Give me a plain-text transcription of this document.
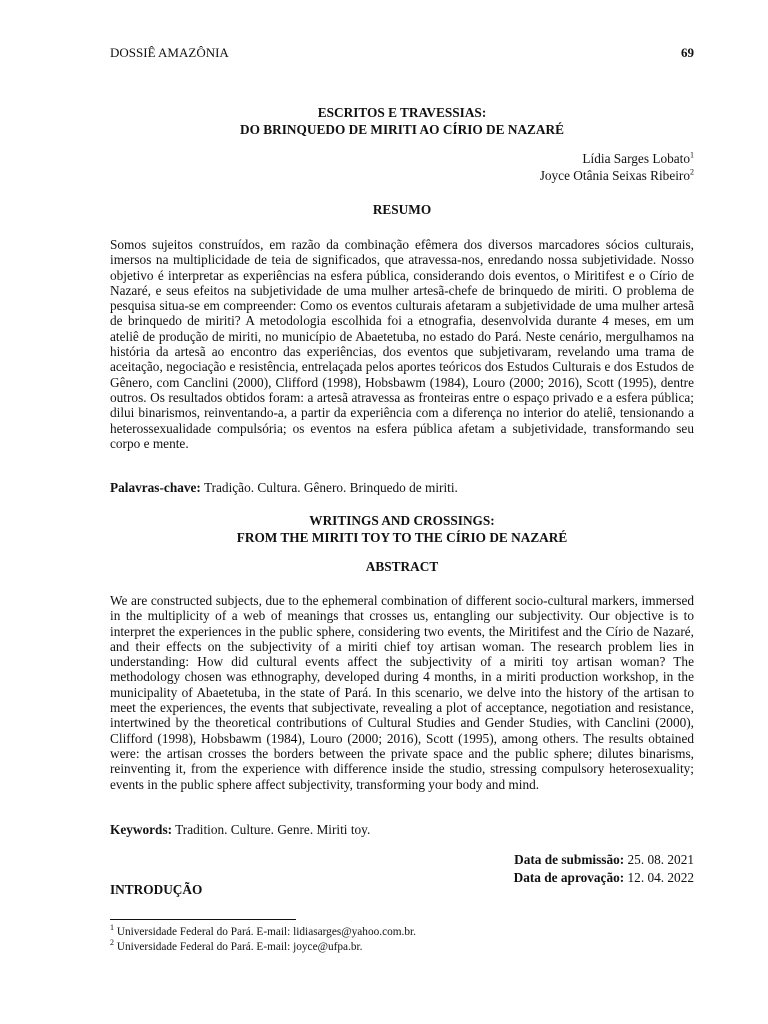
DOSSIÊ AMAZÔNIA	69
ESCRITOS E TRAVESSIAS:
DO BRINQUEDO DE MIRITI AO CÍRIO DE NAZARÉ
Lídia Sarges Lobato$^1$
Joyce Otânia Seixas Ribeiro$^2$
RESUMO

Somos sujeitos construídos, em razão da combinação efêmera dos diversos marcadores sócios culturais, imersos na multiplicidade de teia de significados, que atravessa-nos, enredando nossa subjetividade. Nosso objetivo é interpretar as experiências na esfera pública, considerando dois eventos, o Miritifest e o Círio de Nazaré, e seus efeitos na subjetividade de uma mulher artesã-chefe de brinquedo de miriti. O problema de pesquisa situa-se em compreender: Como os eventos culturais afetaram a subjetividade de uma mulher artesã de brinquedo de miriti? A metodologia escolhida foi a etnografia, desenvolvida durante 4 meses, em um ateliê de produção de miriti, no município de Abaetetuba, no estado do Pará. Neste cenário, mergulhamos na história da artesã ao encontro das experiências, dos eventos que subjetivaram, revelando uma trama de aceitação, negociação e resistência, entrelaçada pelos aportes teóricos dos Estudos Culturais e dos Estudos de Gênero, com Canclini (2000), Clifford (1998), Hobsbawm (1984), Louro (2000; 2016), Scott (1995), dentre outros. Os resultados obtidos foram: a artesã atravessa as fronteiras entre o espaço privado e a esfera pública; dilui binarismos, reinventando-a, a partir da experiência com a diferença no interior do ateliê, tensionando a heterossexualidade compulsória; os eventos na esfera pública afetam a subjetividade, transformando seu corpo e mente.

Palavras-chave: Tradição. Cultura. Gênero. Brinquedo de miriti.
WRITINGS AND CROSSINGS:
FROM THE MIRITI TOY TO THE CÍRIO DE NAZARÉ
ABSTRACT

We are constructed subjects, due to the ephemeral combination of different socio-cultural markers, immersed in the multiplicity of a web of meanings that crosses us, entangling our subjectivity. Our objective is to interpret the experiences in the public sphere, considering two events, the Miritifest and the Círio de Nazaré, and their effects on the subjectivity of a miriti chief toy artisan woman. The research problem lies in understanding: How did cultural events affect the subjectivity of a miriti toy artisan woman? The methodology chosen was ethnography, developed during 4 months, in a miriti production workshop, in the municipality of Abaetetuba, in the state of Pará. In this scenario, we delve into the history of the artisan to meet the experiences, the events that subjectivate, revealing a plot of acceptance, negotiation and resistance, intertwined by the theoretical contributions of Cultural Studies and Gender Studies, with Canclini (2000), Clifford (1998), Hobsbawm (1984), Louro (2000; 2016), Scott (1995), among others. The results obtained were: the artisan crosses the borders between the private space and the public sphere; dilutes binarisms, reinventing it, from the experience with difference inside the studio, stressing compulsory heterosexuality; events in the public sphere affect subjectivity, transforming your body and mind.

Keywords: Tradition. Culture. Genre. Miriti toy.
Data de submissão: 25. 08. 2021
Data de aprovação: 12. 04. 2022
INTRODUÇÃO
$^1$ Universidade Federal do Pará. E-mail: lidiasarges@yahoo.com.br.
$^2$ Universidade Federal do Pará. E-mail: joyce@ufpa.br.
